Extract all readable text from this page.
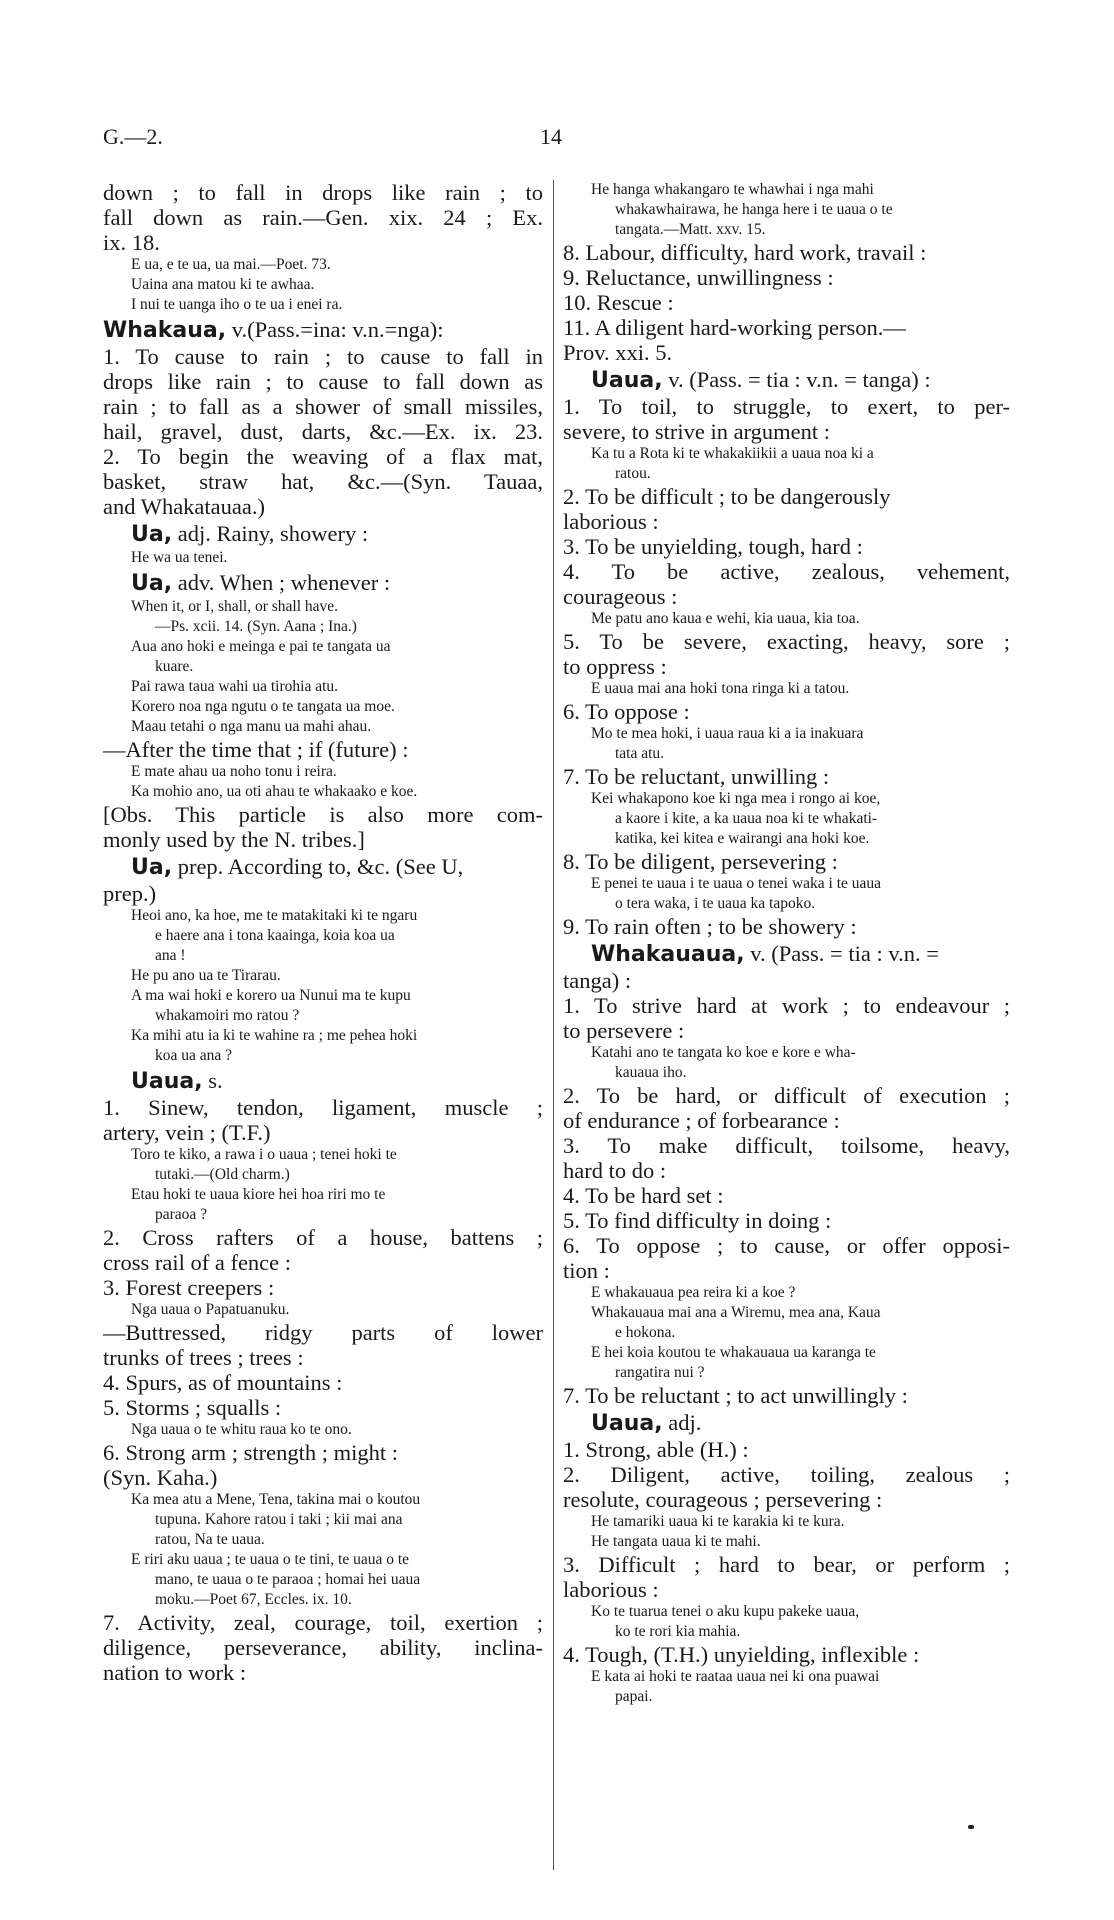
G.—2.	14
down ; to fall in drops like rain ; to
fall down as rain.—Gen. xix. 24 ; Ex.
ix. 18.
E ua, e te ua, ua mai.—Poet. 73.
Uaina ana matou ki te awhaa.
I nui te uanga iho o te ua i enei ra.
Whakaua, v.(Pass.=ina: v.n.=nga):
1. To cause to rain ; to cause to fall in
drops like rain ; to cause to fall down as
rain ; to fall as a shower of small missiles,
hail, gravel, dust, darts, &c.—Ex. ix. 23.
2. To begin the weaving of a flax mat,
basket, straw hat, &c.—(Syn. Tauaa,
and Whakatauaa.)
Ua, adj. Rainy, showery :
He wa ua tenei.
Ua, adv. When ; whenever :
When it, or I, shall, or shall have.
—Ps. xcii. 14. (Syn. Aana ; Ina.)
Aua ano hoki e meinga e pai te tangata ua
kuare.
Pai rawa taua wahi ua tirohia atu.
Korero noa nga ngutu o te tangata ua moe.
Maau tetahi o nga manu ua mahi ahau.
—After the time that ; if (future) :
E mate ahau ua noho tonu i reira.
Ka mohio ano, ua oti ahau te whakaako e koe.
[Obs. This particle is also more com-
monly used by the N. tribes.]
Ua, prep. According to, &c. (See U,
prep.)
Heoi ano, ka hoe, me te matakitaki ki te ngaru
e haere ana i tona kaainga, koia koa ua
ana !
He pu ano ua te Tirarau.
A ma wai hoki e korero ua Nunui ma te kupu
whakamoiri mo ratou ?
Ka mihi atu ia ki te wahine ra ; me pehea hoki
koa ua ana ?
Uaua, s.
1. Sinew, tendon, ligament, muscle ;
artery, vein ; (T.F.)
Toro te kiko, a rawa i o uaua ; tenei hoki te
tutaki.—(Old charm.)
Etau hoki te uaua kiore hei hoa riri mo te
paraoa ?
2. Cross rafters of a house, battens ;
cross rail of a fence :
3. Forest creepers :
Nga uaua o Papatuanuku.
—Buttressed, ridgy parts of lower
trunks of trees ; trees :
4. Spurs, as of mountains :
5. Storms ; squalls :
Nga uaua o te whitu raua ko te ono.
6. Strong arm ; strength ; might :
(Syn. Kaha.)
Ka mea atu a Mene, Tena, takina mai o koutou
tupuna. Kahore ratou i taki ; kii mai ana
ratou, Na te uaua.
E riri aku uaua ; te uaua o te tini, te uaua o te
mano, te uaua o te paraoa ; homai hei uaua
moku.—Poet 67, Eccles. ix. 10.
7. Activity, zeal, courage, toil, exertion ;
diligence, perseverance, ability, inclina-
nation to work :
He hanga whakangaro te whawhai i nga mahi
whakawhairawa, he hanga here i te uaua o te
tangata.—Matt. xxv. 15.
8. Labour, difficulty, hard work, travail :
9. Reluctance, unwillingness :
10. Rescue :
11. A diligent hard-working person.—
Prov. xxi. 5.
Uaua, v. (Pass. = tia : v.n. = tanga) :
1. To toil, to struggle, to exert, to per-
severe, to strive in argument :
Ka tu a Rota ki te whakakiikii a uaua noa ki a
ratou.
2. To be difficult ; to be dangerously
laborious :
3. To be unyielding, tough, hard :
4. To be active, zealous, vehement,
courageous :
Me patu ano kaua e wehi, kia uaua, kia toa.
5. To be severe, exacting, heavy, sore ;
to oppress :
E uaua mai ana hoki tona ringa ki a tatou.
6. To oppose :
Mo te mea hoki, i uaua raua ki a ia inakuara
tata atu.
7. To be reluctant, unwilling :
Kei whakapono koe ki nga mea i rongo ai koe,
a kaore i kite, a ka uaua noa ki te whakati-
katika, kei kitea e wairangi ana hoki koe.
8. To be diligent, persevering :
E penei te uaua i te uaua o tenei waka i te uaua
o tera waka, i te uaua ka tapoko.
9. To rain often ; to be showery :
Whakauaua, v. (Pass. = tia : v.n. =
tanga) :
1. To strive hard at work ; to endeavour ;
to persevere :
Katahi ano te tangata ko koe e kore e wha-
kauaua iho.
2. To be hard, or difficult of execution ;
of endurance ; of forbearance :
3. To make difficult, toilsome, heavy,
hard to do :
4. To be hard set :
5. To find difficulty in doing :
6. To oppose ; to cause, or offer opposi-
tion :
E whakauaua pea reira ki a koe ?
Whakauaua mai ana a Wiremu, mea ana, Kaua
e hokona.
E hei koia koutou te whakauaua ua karanga te
rangatira nui ?
7. To be reluctant ; to act unwillingly :
Uaua, adj.
1. Strong, able (H.) :
2. Diligent, active, toiling, zealous ;
resolute, courageous ; persevering :
He tamariki uaua ki te karakia ki te kura.
He tangata uaua ki te mahi.
3. Difficult ; hard to bear, or perform ;
laborious :
Ko te tuarua tenei o aku kupu pakeke uaua,
ko te rori kia mahia.
4. Tough, (T.H.) unyielding, inflexible :
E kata ai hoki te raataa uaua nei ki ona puawai
papai.
